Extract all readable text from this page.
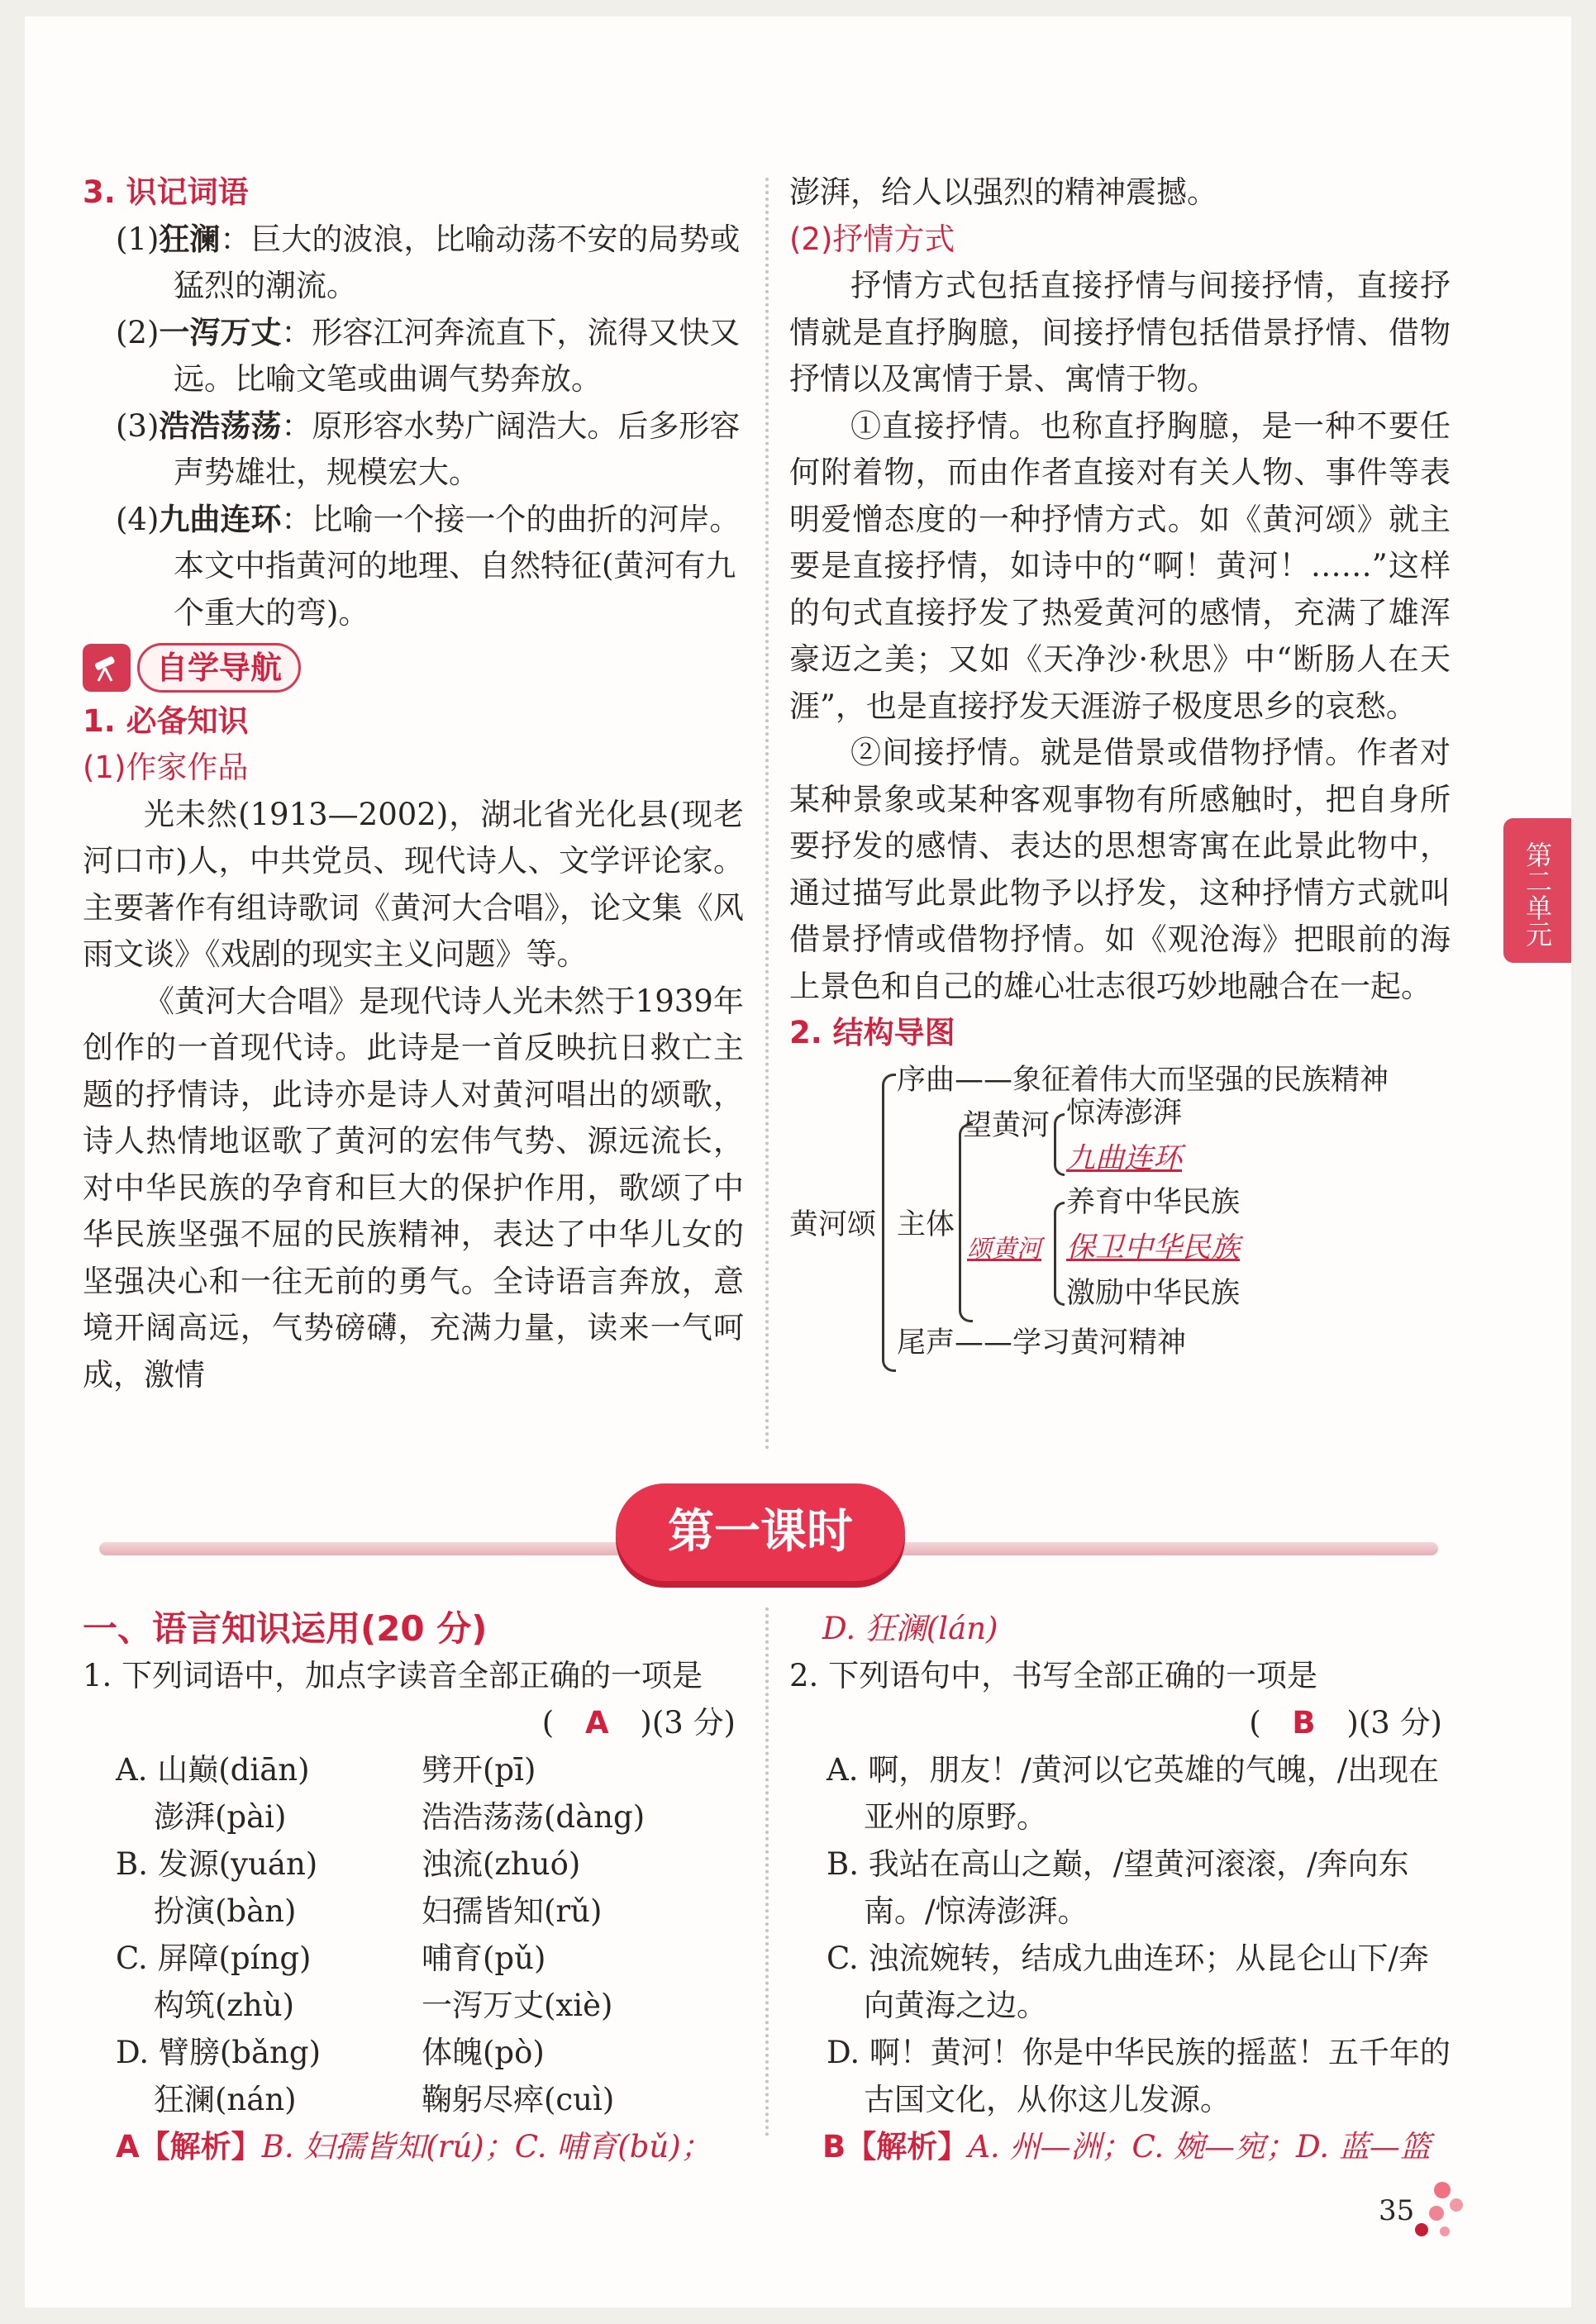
3. 识记词语
(1)狂澜：巨大的波浪，比喻动荡不安的局势或猛烈的潮流。
(2)一泻万丈：形容江河奔流直下，流得又快又远。比喻文笔或曲调气势奔放。
(3)浩浩荡荡：原形容水势广阔浩大。后多形容声势雄壮，规模宏大。
(4)九曲连环：比喻一个接一个的曲折的河岸。本文中指黄河的地理、自然特征(黄河有九个重大的弯)。
自学导航
1. 必备知识
(1)作家作品
光未然(1913—2002)，湖北省光化县(现老河口市)人，中共党员、现代诗人、文学评论家。主要著作有组诗歌词《黄河大合唱》，论文集《风雨文谈》《戏剧的现实主义问题》等。
《黄河大合唱》是现代诗人光未然于1939年创作的一首现代诗。此诗是一首反映抗日救亡主题的抒情诗，此诗亦是诗人对黄河唱出的颂歌，诗人热情地讴歌了黄河的宏伟气势、源远流长，对中华民族的孕育和巨大的保护作用，歌颂了中华民族坚强不屈的民族精神，表达了中华儿女的坚强决心和一往无前的勇气。全诗语言奔放，意境开阔高远，气势磅礴，充满力量，读来一气呵成，激情
澎湃，给人以强烈的精神震撼。
(2)抒情方式
抒情方式包括直接抒情与间接抒情，直接抒情就是直抒胸臆，间接抒情包括借景抒情、借物抒情以及寓情于景、寓情于物。
①直接抒情。也称直抒胸臆，是一种不要任何附着物，而由作者直接对有关人物、事件等表明爱憎态度的一种抒情方式。如《黄河颂》就主要是直接抒情，如诗中的“啊！黄河！……”这样的句式直接抒发了热爱黄河的感情，充满了雄浑豪迈之美；又如《天净沙·秋思》中“断肠人在天涯”，也是直接抒发天涯游子极度思乡的哀愁。
②间接抒情。就是借景或借物抒情。作者对某种景象或某种客观事物有所感触时，把自身所要抒发的感情、表达的思想寄寓在此景此物中，通过描写此景此物予以抒发，这种抒情方式就叫借景抒情或借物抒情。如《观沧海》把眼前的海上景色和自己的雄心壮志很巧妙地融合在一起。
2. 结构导图
黄河颂
序曲——象征着伟大而坚强的民族精神
主体
望黄河 惊涛澎湃
九曲连环
颂黄河
养育中华民族
保卫中华民族
激励中华民族
尾声——学习黄河精神
第二单元
第一课时
一、语言知识运用(20 分)
1. 下列词语中，加点字读音全部正确的一项是
( A )(3 分)
A. 山巅(diān)	劈开(pī)
澎湃(pài)	浩浩荡荡(dàng)
B. 发源(yuán)	浊流(zhuó)
扮演(bàn)	妇孺皆知(rǔ)
C. 屏障(píng)	哺育(pǔ)
构筑(zhù)	一泻万丈(xiè)
D. 臂膀(bǎng)	体魄(pò)
狂澜(nán)	鞠躬尽瘁(cuì)
A【解析】B. 妇孺皆知(rú)；C. 哺育(bǔ)；
D. 狂澜(lán)
2. 下列语句中，书写全部正确的一项是
( B )(3 分)
A. 啊，朋友！/黄河以它英雄的气魄，/出现在亚州的原野。
B. 我站在高山之巅，/望黄河滚滚，/奔向东南。/惊涛澎湃。
C. 浊流婉转，结成九曲连环；从昆仑山下/奔向黄海之边。
D. 啊！黄河！你是中华民族的摇蓝！五千年的古国文化，从你这儿发源。
B【解析】A. 州—洲；C. 婉—宛；D. 蓝—篮
35
